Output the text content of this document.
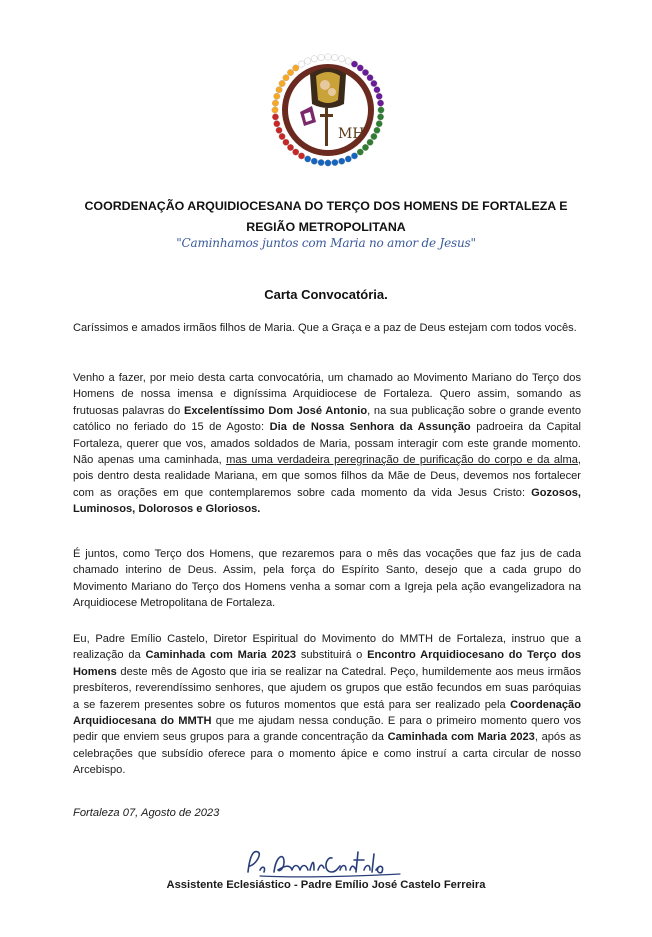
MH
COORDENAÇÃO ARQUIDIOCESANA DO TERÇO DOS HOMENS DE FORTALEZA E
REGIÃO METROPOLITANA
"Caminhamos juntos com Maria no amor de Jesus"
Carta Convocatória.

Caríssimos e amados irmãos filhos de Maria. Que a Graça e a paz de Deus estejam com todos vocês.

Venho a fazer, por meio desta carta convocatória, um chamado ao Movimento Mariano do Terço dos Homens de nossa imensa e digníssima Arquidiocese de Fortaleza. Quero assim, somando as frutuosas palavras do Excelentíssimo Dom José Antonio, na sua publicação sobre o grande evento católico no feriado do 15 de Agosto: Dia de Nossa Senhora da Assunção padroeira da Capital Fortaleza, querer que vos, amados soldados de Maria, possam interagir com este grande momento. Não apenas uma caminhada, mas uma verdadeira peregrinação de purificação do corpo e da alma, pois dentro desta realidade Mariana, em que somos filhos da Mãe de Deus, devemos nos fortalecer com as orações em que contemplaremos sobre cada momento da vida Jesus Cristo: Gozosos, Luminosos, Dolorosos e Gloriosos.

É juntos, como Terço dos Homens, que rezaremos para o mês das vocações que faz jus de cada chamado interino de Deus. Assim, pela força do Espírito Santo, desejo que a cada grupo do Movimento Mariano do Terço dos Homens venha a somar com a Igreja pela ação evangelizadora na Arquidiocese Metropolitana de Fortaleza.

Eu, Padre Emílio Castelo, Diretor Espiritual do Movimento do MMTH de Fortaleza, instruo que a realização da Caminhada com Maria 2023 substituirá o Encontro Arquidiocesano do Terço dos Homens deste mês de Agosto que iria se realizar na Catedral. Peço, humildemente aos meus irmãos presbíteros, reverendíssimo senhores, que ajudem os grupos que estão fecundos em suas paróquias a se fazerem presentes sobre os futuros momentos que está para ser realizado pela Coordenação Arquidiocesana do MMTH que me ajudam nessa condução. E para o primeiro momento quero vos pedir que enviem seus grupos para a grande concentração da Caminhada com Maria 2023, após as celebrações que subsídio oferece para o momento ápice e como instruí a carta circular de nosso Arcebispo.

Fortaleza 07, Agosto de 2023
Assistente Eclesiástico - Padre Emílio José Castelo Ferreira
